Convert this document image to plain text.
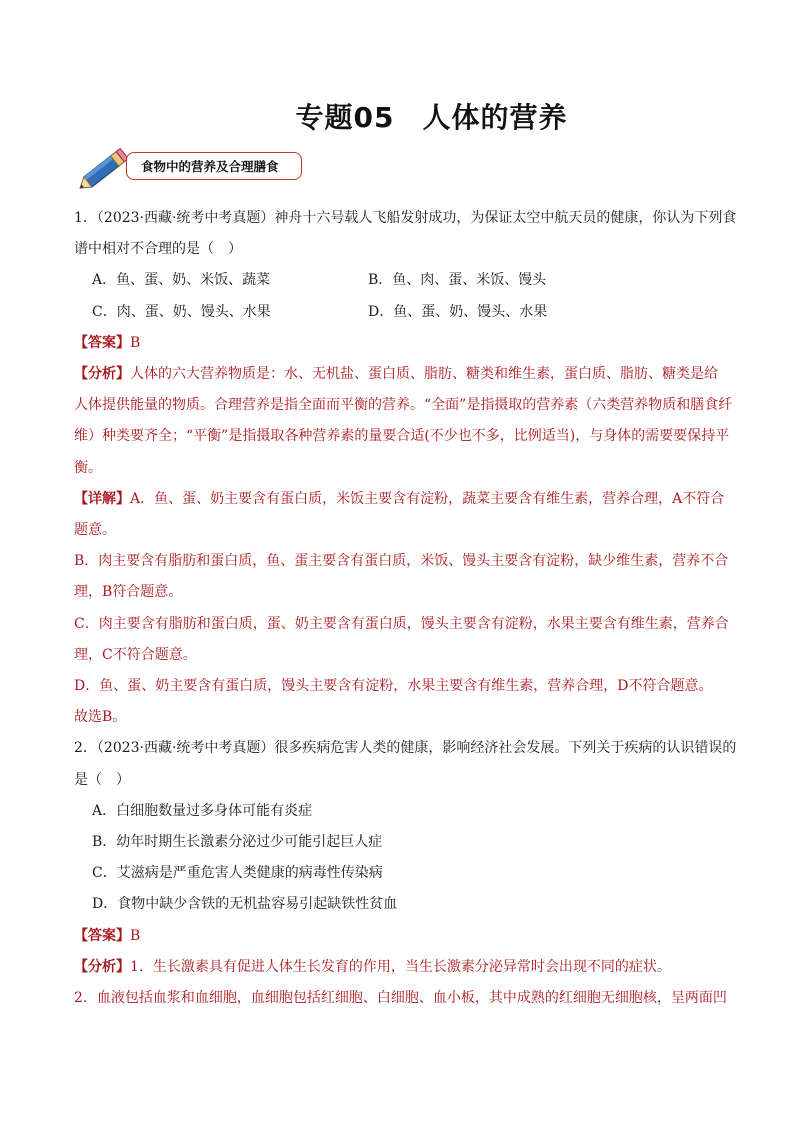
专题05 人体的营养
食物中的营养及合理膳食
1．（2023·西藏·统考中考真题）神舟十六号载人飞船发射成功，为保证太空中航天员的健康，你认为下列食
谱中相对不合理的是（　）
A．鱼、蛋、奶、米饭、蔬菜	B．鱼、肉、蛋、米饭、馒头
C．肉、蛋、奶、馒头、水果	D．鱼、蛋、奶、馒头、水果
【答案】B
【分析】人体的六大营养物质是：水、无机盐、蛋白质、脂肪、糖类和维生素，蛋白质、脂肪、糖类是给
人体提供能量的物质。合理营养是指全面而平衡的营养。“全面”是指摄取的营养素（六类营养物质和膳食纤
维）种类要齐全；“平衡”是指摄取各种营养素的量要合适(不少也不多，比例适当)，与身体的需要要保持平
衡。
【详解】A．鱼、蛋、奶主要含有蛋白质，米饭主要含有淀粉，蔬菜主要含有维生素，营养合理，A不符合
题意。
B．肉主要含有脂肪和蛋白质，鱼、蛋主要含有蛋白质，米饭、馒头主要含有淀粉，缺少维生素，营养不合
理，B符合题意。
C．肉主要含有脂肪和蛋白质，蛋、奶主要含有蛋白质，馒头主要含有淀粉，水果主要含有维生素，营养合
理，C不符合题意。
D．鱼、蛋、奶主要含有蛋白质，馒头主要含有淀粉，水果主要含有维生素，营养合理，D不符合题意。
故选B。
2．（2023·西藏·统考中考真题）很多疾病危害人类的健康，影响经济社会发展。下列关于疾病的认识错误的
是（　）
A．白细胞数量过多身体可能有炎症
B．幼年时期生长激素分泌过少可能引起巨人症
C．艾滋病是严重危害人类健康的病毒性传染病
D．食物中缺少含铁的无机盐容易引起缺铁性贫血
【答案】B
【分析】1．生长激素具有促进人体生长发育的作用，当生长激素分泌异常时会出现不同的症状。
2．血液包括血浆和血细胞，血细胞包括红细胞、白细胞、血小板，其中成熟的红细胞无细胞核，呈两面凹
